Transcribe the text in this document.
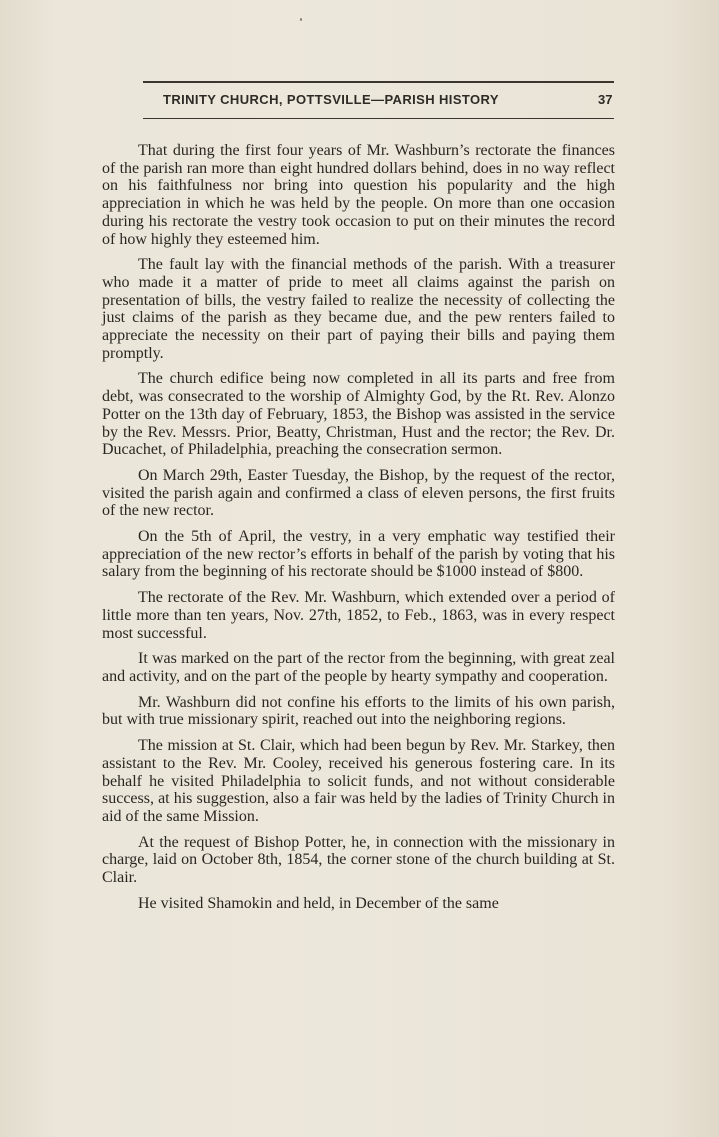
TRINITY CHURCH, POTTSVILLE—PARISH HISTORY	37

That during the first four years of Mr. Washburn’s rectorate the finances of the parish ran more than eight hundred dollars behind, does in no way reflect on his faithfulness nor bring into question his popularity and the high appreciation in which he was held by the people. On more than one occasion during his rectorate the vestry took occasion to put on their minutes the record of how highly they esteemed him.

The fault lay with the financial methods of the parish. With a treasurer who made it a matter of pride to meet all claims against the parish on presentation of bills, the vestry failed to realize the necessity of collecting the just claims of the parish as they became due, and the pew renters failed to appreciate the necessity on their part of paying their bills and paying them promptly.

The church edifice being now completed in all its parts and free from debt, was consecrated to the worship of Almighty God, by the Rt. Rev. Alonzo Potter on the 13th day of February, 1853, the Bishop was assisted in the service by the Rev. Messrs. Prior, Beatty, Christman, Hust and the rector; the Rev. Dr. Ducachet, of Philadelphia, preaching the consecration sermon.

On March 29th, Easter Tuesday, the Bishop, by the request of the rector, visited the parish again and confirmed a class of eleven persons, the first fruits of the new rector.

On the 5th of April, the vestry, in a very emphatic way testified their appreciation of the new rector’s efforts in behalf of the parish by voting that his salary from the beginning of his rectorate should be $1000 instead of $800.

The rectorate of the Rev. Mr. Washburn, which extended over a period of little more than ten years, Nov. 27th, 1852, to Feb., 1863, was in every respect most successful.

It was marked on the part of the rector from the beginning, with great zeal and activity, and on the part of the people by hearty sympathy and cooperation.

Mr. Washburn did not confine his efforts to the limits of his own parish, but with true missionary spirit, reached out into the neighboring regions.

The mission at St. Clair, which had been begun by Rev. Mr. Starkey, then assistant to the Rev. Mr. Cooley, received his generous fostering care. In its behalf he visited Philadelphia to solicit funds, and not without considerable success, at his suggestion, also a fair was held by the ladies of Trinity Church in aid of the same Mission.

At the request of Bishop Potter, he, in connection with the missionary in charge, laid on October 8th, 1854, the corner stone of the church building at St. Clair.

He visited Shamokin and held, in December of the same
